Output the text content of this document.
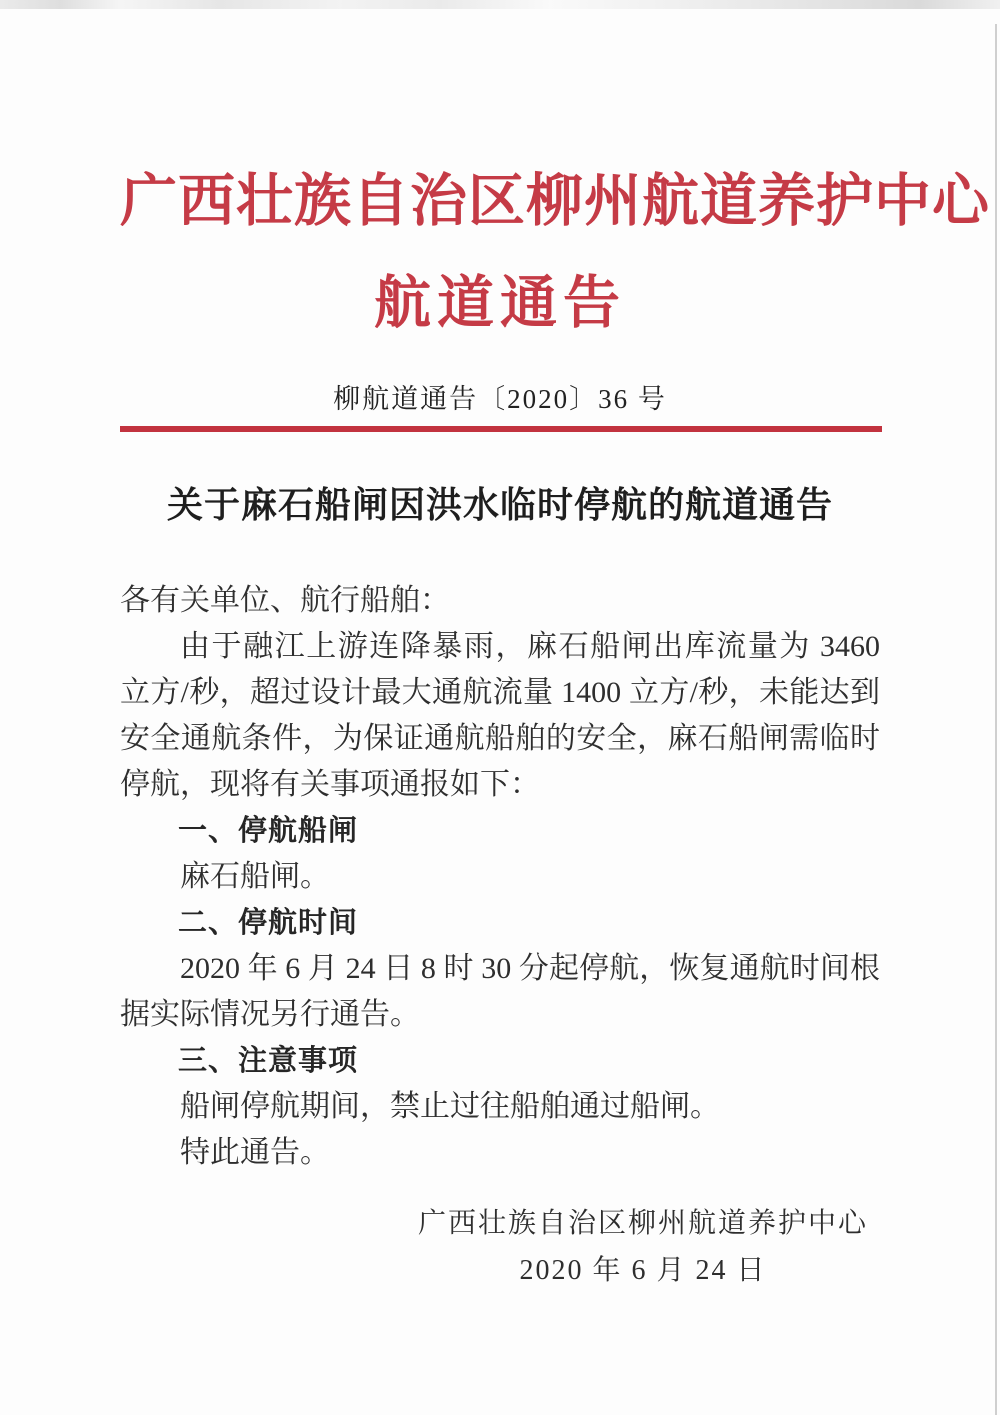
广西壮族自治区柳州航道养护中心
航道通告
柳航道通告〔2020〕36 号
关于麻石船闸因洪水临时停航的航道通告

各有关单位、航行船舶：

由于融江上游连降暴雨，麻石船闸出库流量为 3460 立方/秒，超过设计最大通航流量 1400 立方/秒，未能达到安全通航条件，为保证通航船舶的安全，麻石船闸需临时停航，现将有关事项通报如下：

一、停航船闸

麻石船闸。

二、停航时间

2020 年 6 月 24 日 8 时 30 分起停航，恢复通航时间根据实际情况另行通告。

三、注意事项

船闸停航期间，禁止过往船舶通过船闸。

特此通告。

广西壮族自治区柳州航道养护中心
2020 年 6 月 24 日
